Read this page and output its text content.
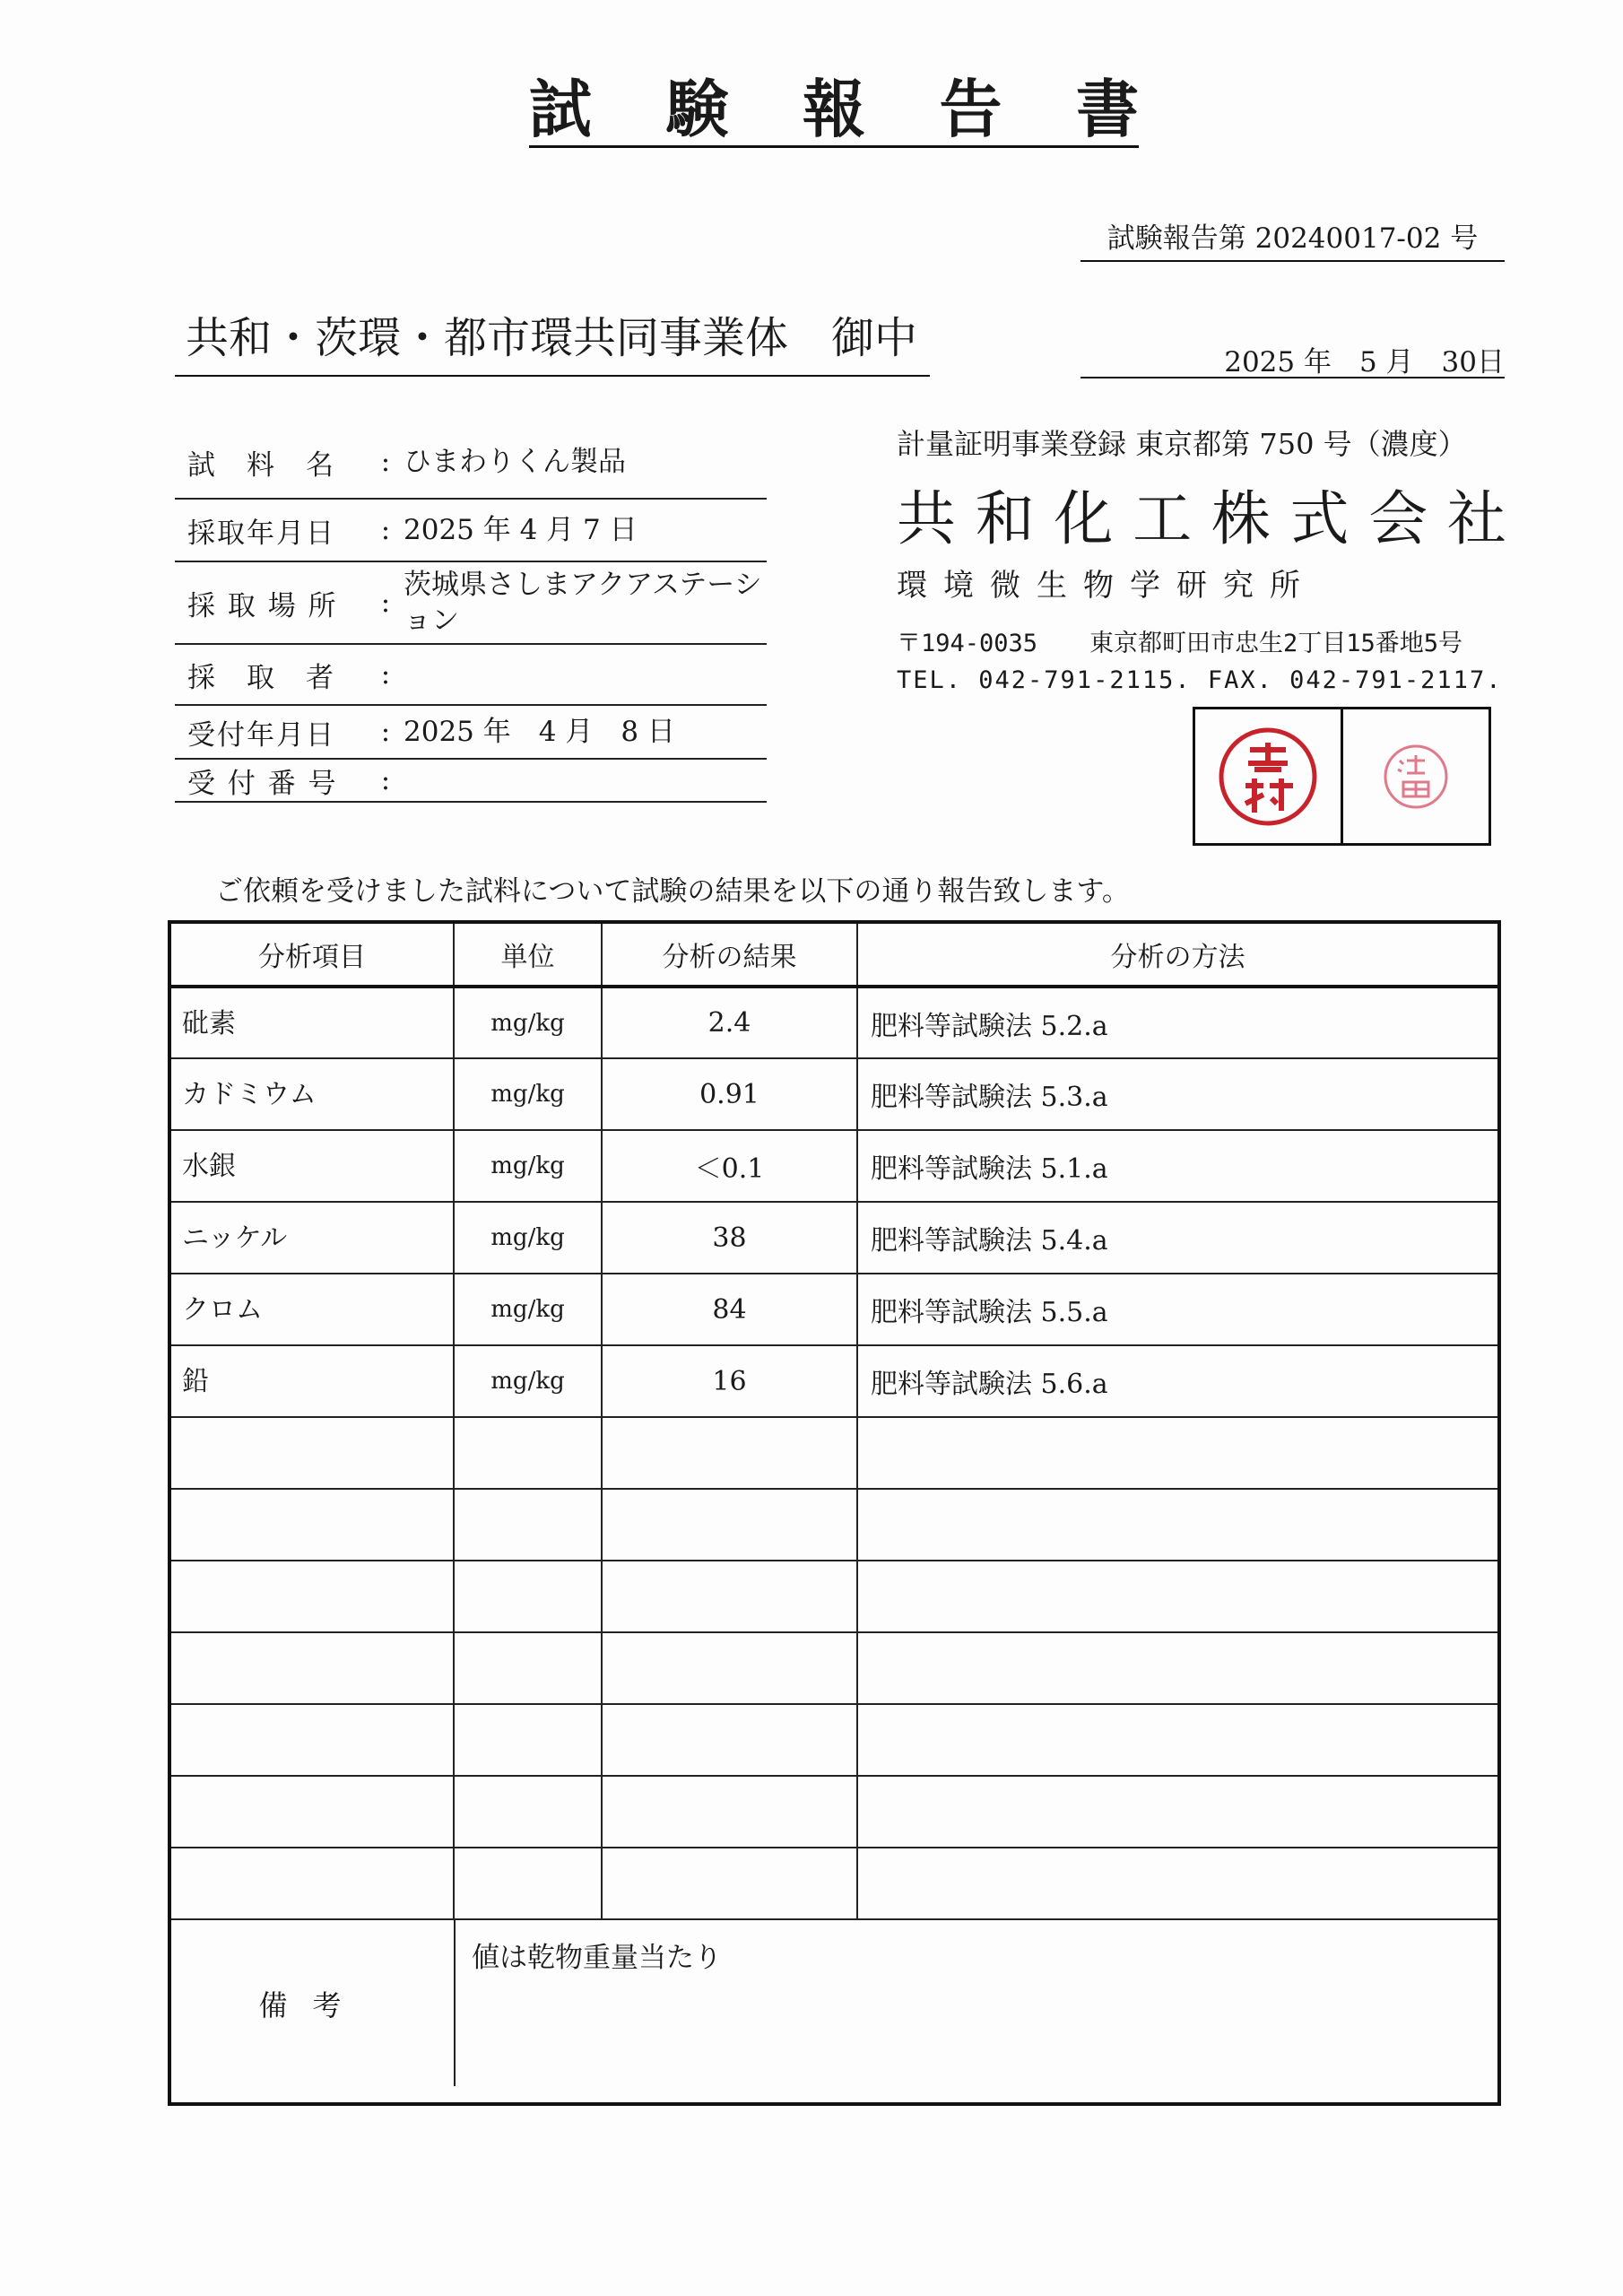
試 験 報 告 書
試験報告第 20240017-02 号
共和・茨環・都市環共同事業体　御中	2025 年　5 月　30日
試　料　名	: ひまわりくん製品
採取年月日	: 2025 年 4 月 7 日
採 取 場 所	:
茨城県さしまアクアステーション
採　取　者	:
受付年月日	: 2025 年　4 月　8 日
受 付 番 号	:
計量証明事業登録 東京都第 750 号（濃度）
共 和 化 工 株 式 会 社
環 境 微 生 物 学 研 究 所
〒194-0035 東京都町田市忠生2丁目15番地5号
TEL. 042-791-2115. FAX. 042-791-2117.
ご依頼を受けました試料について試験の結果を以下の通り報告致します。
分析項目	単位	分析の結果	分析の方法
砒素	mg/kg	2.4	肥料等試験法 5.2.a
カドミウム	mg/kg	0.91	肥料等試験法 5.3.a
水銀	mg/kg	＜0.1	肥料等試験法 5.1.a
ニッケル	mg/kg	38	肥料等試験法 5.4.a
クロム	mg/kg	84	肥料等試験法 5.5.a
鉛	mg/kg	16	肥料等試験法 5.6.a

備考
値は乾物重量当たり
